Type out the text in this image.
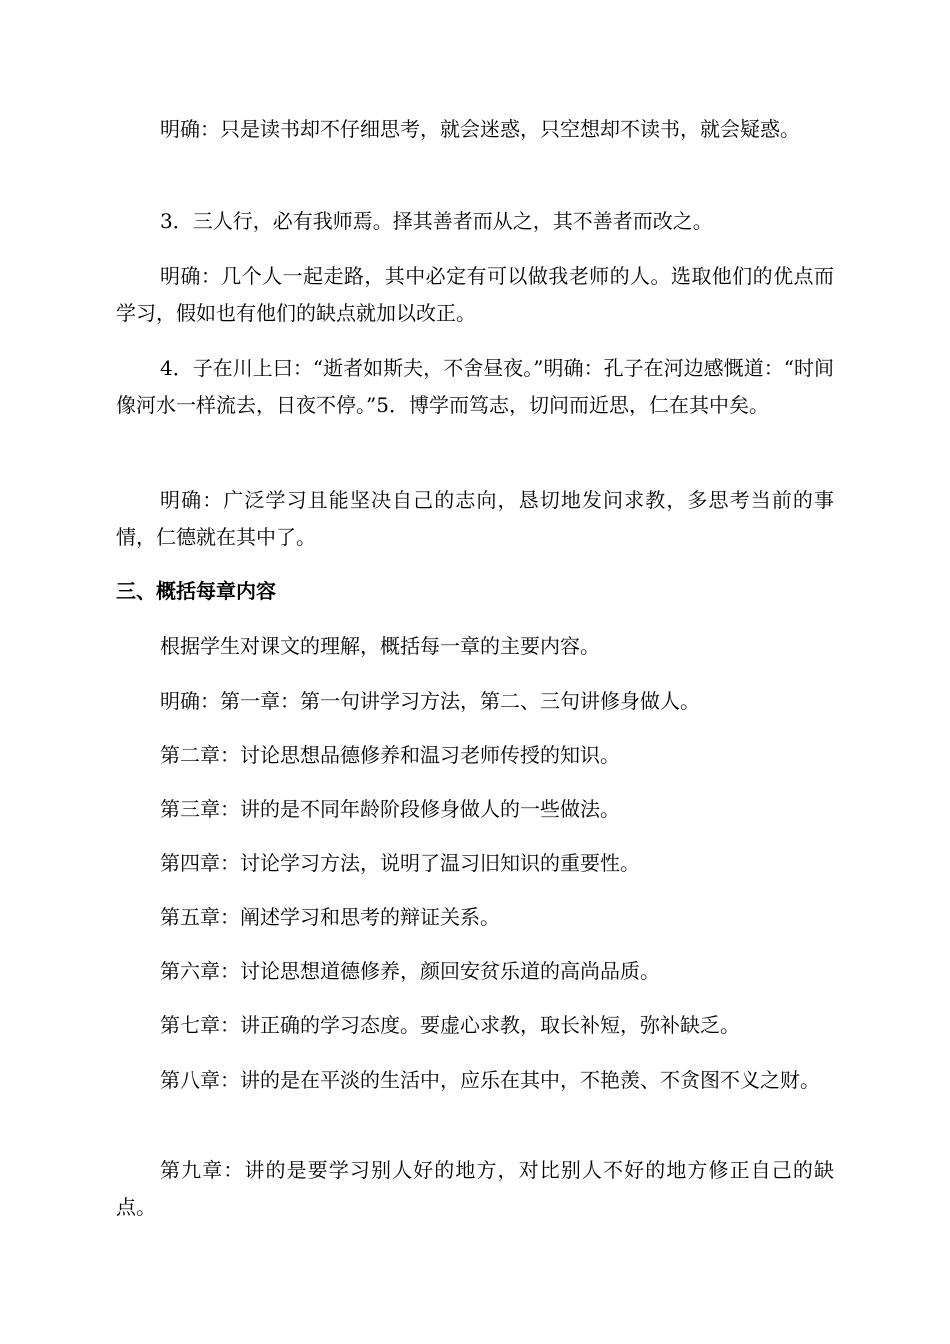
明确：只是读书却不仔细思考，就会迷惑，只空想却不读书，就会疑惑。

3．三人行，必有我师焉。择其善者而从之，其不善者而改之。

明确：几个人一起走路，其中必定有可以做我老师的人。选取他们的优点而学习，假如也有他们的缺点就加以改正。

4．子在川上曰：“逝者如斯夫，不舍昼夜。”明确：孔子在河边感慨道：“时间像河水一样流去，日夜不停。”5．博学而笃志，切问而近思，仁在其中矣。

明确：广泛学习且能坚决自己的志向，恳切地发问求教，多思考当前的事情，仁德就在其中了。

三、概括每章内容

根据学生对课文的理解，概括每一章的主要内容。

明确：第一章：第一句讲学习方法，第二、三句讲修身做人。

第二章：讨论思想品德修养和温习老师传授的知识。

第三章：讲的是不同年龄阶段修身做人的一些做法。

第四章：讨论学习方法，说明了温习旧知识的重要性。

第五章：阐述学习和思考的辩证关系。

第六章：讨论思想道德修养，颜回安贫乐道的高尚品质。

第七章：讲正确的学习态度。要虚心求教，取长补短，弥补缺乏。

第八章：讲的是在平淡的生活中，应乐在其中，不艳羡、不贪图不义之财。

第九章：讲的是要学习别人好的地方，对比别人不好的地方修正自己的缺点。
